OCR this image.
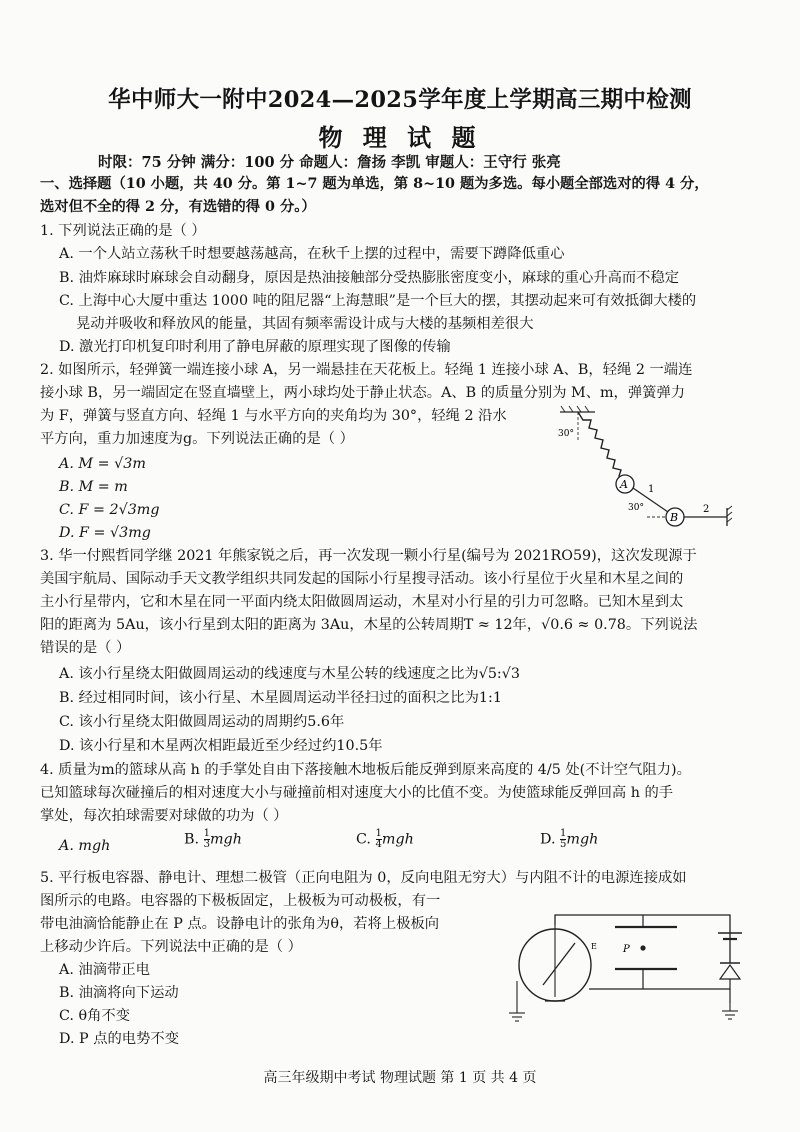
华中师大一附中2024—2025学年度上学期高三期中检测
物 理 试 题
时限：75 分钟 满分：100 分 命题人：詹扬 李凯 审题人：王守行 张亮
一、选择题（10 小题，共 40 分。第 1~7 题为单选，第 8~10 题为多选。每小题全部选对的得 4 分，
选对但不全的得 2 分，有选错的得 0 分。）
1. 下列说法正确的是（ ）
A. 一个人站立荡秋千时想要越荡越高，在秋千上摆的过程中，需要下蹲降低重心
B. 油炸麻球时麻球会自动翻身，原因是热油接触部分受热膨胀密度变小，麻球的重心升高而不稳定
C. 上海中心大厦中重达 1000 吨的阻尼器“上海慧眼”是一个巨大的摆，其摆动起来可有效抵御大楼的
晃动并吸收和释放风的能量，其固有频率需设计成与大楼的基频相差很大
D. 激光打印机复印时利用了静电屏蔽的原理实现了图像的传输
2. 如图所示，轻弹簧一端连接小球 A，另一端悬挂在天花板上。轻绳 1 连接小球 A、B，轻绳 2 一端连
接小球 B，另一端固定在竖直墙壁上，两小球均处于静止状态。A、B 的质量分别为 M、m，弹簧弹力
为 F，弹簧与竖直方向、轻绳 1 与水平方向的夹角均为 30°，轻绳 2 沿水
平方向，重力加速度为g。下列说法正确的是（ ）
A. M = √3m
B. M = m
C. F = 2√3mg
D. F = √3mg
A 1
B
2
30°
30°
3. 华一付熙哲同学继 2021 年熊家锐之后，再一次发现一颗小行星(编号为 2021RO59)，这次发现源于
美国宇航局、国际动手天文教学组织共同发起的国际小行星搜寻活动。该小行星位于火星和木星之间的
主小行星带内，它和木星在同一平面内绕太阳做圆周运动，木星对小行星的引力可忽略。已知木星到太
阳的距离为 5Au，该小行星到太阳的距离为 3Au，木星的公转周期T ≈ 12年，√0.6 ≈ 0.78。下列说法
错误的是（ ）
A. 该小行星绕太阳做圆周运动的线速度与木星公转的线速度之比为√5:√3
B. 经过相同时间，该小行星、木星圆周运动半径扫过的面积之比为1:1
C. 该小行星绕太阳做圆周运动的周期约5.6年
D. 该小行星和木星两次相距最近至少经过约10.5年
4. 质量为m的篮球从高 h 的手掌处自由下落接触木地板后能反弹到原来高度的 4/5 处(不计空气阻力)。
已知篮球每次碰撞后的相对速度大小与碰撞前相对速度大小的比值不变。为使篮球能反弹回高 h 的手
掌处，每次拍球需要对球做的功为（ ）
A. mgh	B. $\frac{1}{3}$ mgh	C. $\frac{1}{4}$ mgh	D. $\frac{1}{5}$ mgh
5. 平行板电容器、静电计、理想二极管（正向电阻为 0，反向电阻无穷大）与内阻不计的电源连接成如
图所示的电路。电容器的下极板固定，上极板为可动极板，有一
带电油滴恰能静止在 P 点。设静电计的张角为θ，若将上极板向
上移动少许后。下列说法中正确的是（ ）
A. 油滴带正电
B. 油滴将向下运动
C. θ角不变
D. P 点的电势不变
P
E
高三年级期中考试 物理试题 第 1 页 共 4 页
